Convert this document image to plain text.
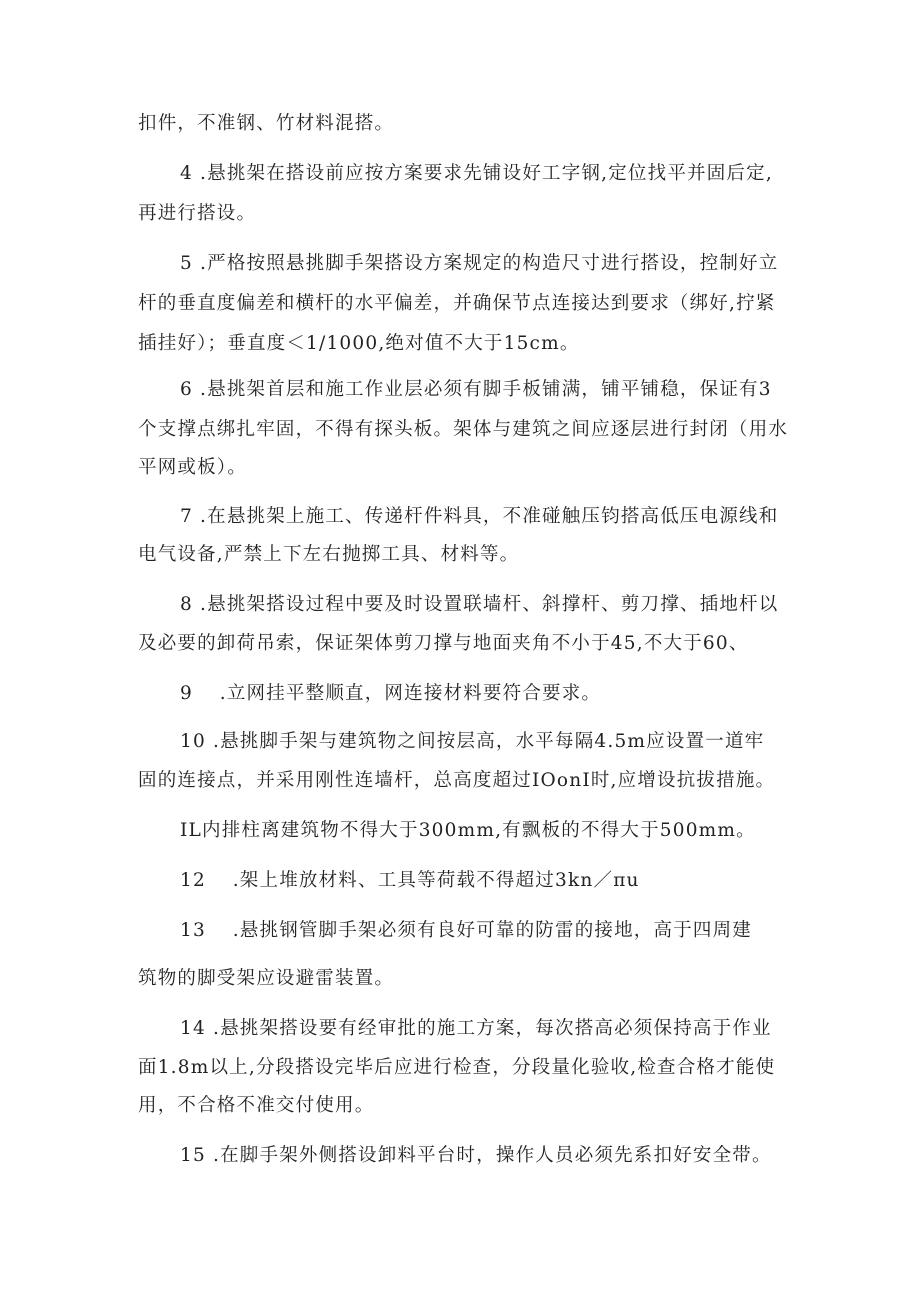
扣件，不准钢、竹材料混搭。
4 .悬挑架在搭设前应按方案要求先铺设好工字钢,定位找平并固后定,
再进行搭设。
5 .严格按照悬挑脚手架搭设方案规定的构造尺寸进行搭设，控制好立
杆的垂直度偏差和横杆的水平偏差，并确保节点连接达到要求（绑好,拧紧
插挂好）；垂直度＜1/1000,绝对值不大于15cm。
6 .悬挑架首层和施工作业层必须有脚手板铺满，铺平铺稳，保证有3
个支撑点绑扎牢固，不得有探头板。架体与建筑之间应逐层进行封闭（用水
平网或板）。
7 .在悬挑架上施工、传递杆件料具，不准碰触压钧搭高低压电源线和
电气设备,严禁上下左右抛掷工具、材料等。
8 .悬挑架搭设过程中要及时设置联墙杆、斜撑杆、剪刀撑、插地杆以
及必要的卸荷吊索，保证架体剪刀撑与地面夹角不小于45,不大于60、
9　 .立网挂平整顺直，网连接材料要符合要求。
10 .悬挑脚手架与建筑物之间按层高，水平每隔4.5m应设置一道牢
固的连接点，并采用刚性连墙杆，总高度超过IOonI时,应增设抗拔措施。
IL内排柱离建筑物不得大于300mm,有飘板的不得大于500mm。
12　 .架上堆放材料、工具等荷载不得超过3kn／πu
13　 .悬挑钢管脚手架必须有良好可靠的防雷的接地，高于四周建
筑物的脚受架应设避雷装置。
14 .悬挑架搭设要有经审批的施工方案，每次搭高必须保持高于作业
面1.8m以上,分段搭设完毕后应进行检查，分段量化验收,检查合格才能使
用，不合格不准交付使用。
15 .在脚手架外侧搭设卸料平台时，操作人员必须先系扣好安全带。
